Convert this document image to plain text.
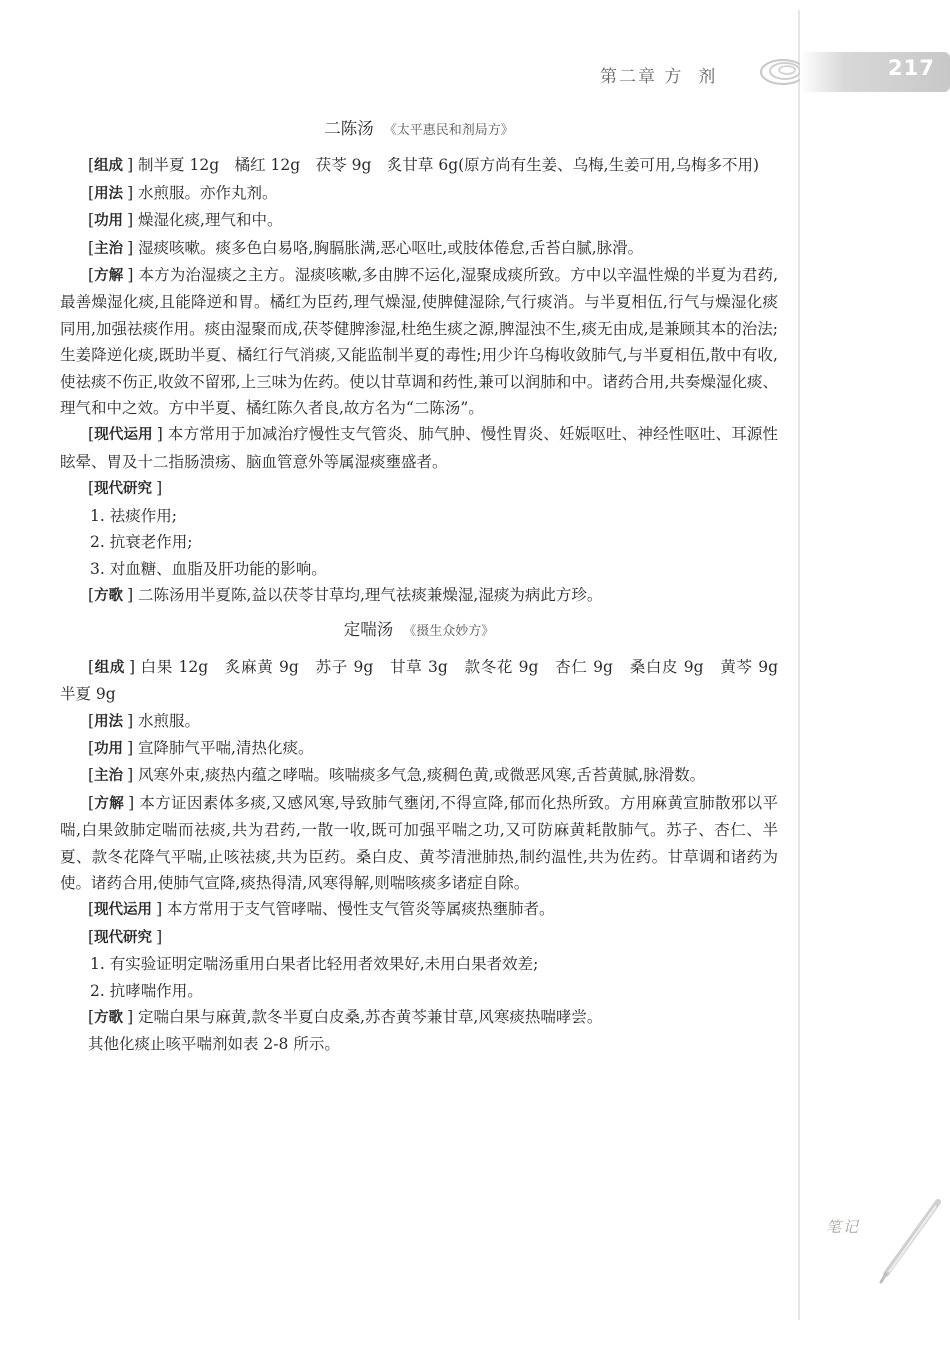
第二章 方  剂	217
二陈汤 《太平惠民和剂局方》

[组成 ] 制半夏 12g　橘红 12g　茯苓 9g　炙甘草 6g(原方尚有生姜、乌梅,生姜可用,乌梅多不用)

[用法 ] 水煎服。亦作丸剂。

[功用 ] 燥湿化痰,理气和中。

[主治 ] 湿痰咳嗽。痰多色白易咯,胸膈胀满,恶心呕吐,或肢体倦怠,舌苔白腻,脉滑。

[方解 ] 本方为治湿痰之主方。湿痰咳嗽,多由脾不运化,湿聚成痰所致。方中以辛温性燥的半夏为君药,最善燥湿化痰,且能降逆和胃。橘红为臣药,理气燥湿,使脾健湿除,气行痰消。与半夏相伍,行气与燥湿化痰同用,加强祛痰作用。痰由湿聚而成,茯苓健脾渗湿,杜绝生痰之源,脾湿浊不生,痰无由成,是兼顾其本的治法;生姜降逆化痰,既助半夏、橘红行气消痰,又能监制半夏的毒性;用少许乌梅收敛肺气,与半夏相伍,散中有收,使祛痰不伤正,收敛不留邪,上三味为佐药。使以甘草调和药性,兼可以润肺和中。诸药合用,共奏燥湿化痰、理气和中之效。方中半夏、橘红陈久者良,故方名为“二陈汤”。

[现代运用 ] 本方常用于加减治疗慢性支气管炎、肺气肿、慢性胃炎、妊娠呕吐、神经性呕吐、耳源性眩晕、胃及十二指肠溃疡、脑血管意外等属湿痰壅盛者。

[现代研究 ]

1. 祛痰作用;

2. 抗衰老作用;

3. 对血糖、血脂及肝功能的影响。

[方歌 ] 二陈汤用半夏陈,益以茯苓甘草均,理气祛痰兼燥湿,湿痰为病此方珍。

定喘汤 《摄生众妙方》

[组成 ] 白果 12g　炙麻黄 9g　苏子 9g　甘草 3g　款冬花 9g　杏仁 9g　桑白皮 9g　黄芩 9g　半夏 9g

[用法 ] 水煎服。

[功用 ] 宣降肺气平喘,清热化痰。

[主治 ] 风寒外束,痰热内蕴之哮喘。咳喘痰多气急,痰稠色黄,或微恶风寒,舌苔黄腻,脉滑数。

[方解 ] 本方证因素体多痰,又感风寒,导致肺气壅闭,不得宣降,郁而化热所致。方用麻黄宣肺散邪以平喘,白果敛肺定喘而祛痰,共为君药,一散一收,既可加强平喘之功,又可防麻黄耗散肺气。苏子、杏仁、半夏、款冬花降气平喘,止咳祛痰,共为臣药。桑白皮、黄芩清泄肺热,制约温性,共为佐药。甘草调和诸药为使。诸药合用,使肺气宣降,痰热得清,风寒得解,则喘咳痰多诸症自除。

[现代运用 ] 本方常用于支气管哮喘、慢性支气管炎等属痰热壅肺者。

[现代研究 ]

1. 有实验证明定喘汤重用白果者比轻用者效果好,未用白果者效差;

2. 抗哮喘作用。

[方歌 ] 定喘白果与麻黄,款冬半夏白皮桑,苏杏黄芩兼甘草,风寒痰热喘哮尝。

其他化痰止咳平喘剂如表 2-8 所示。

笔记
